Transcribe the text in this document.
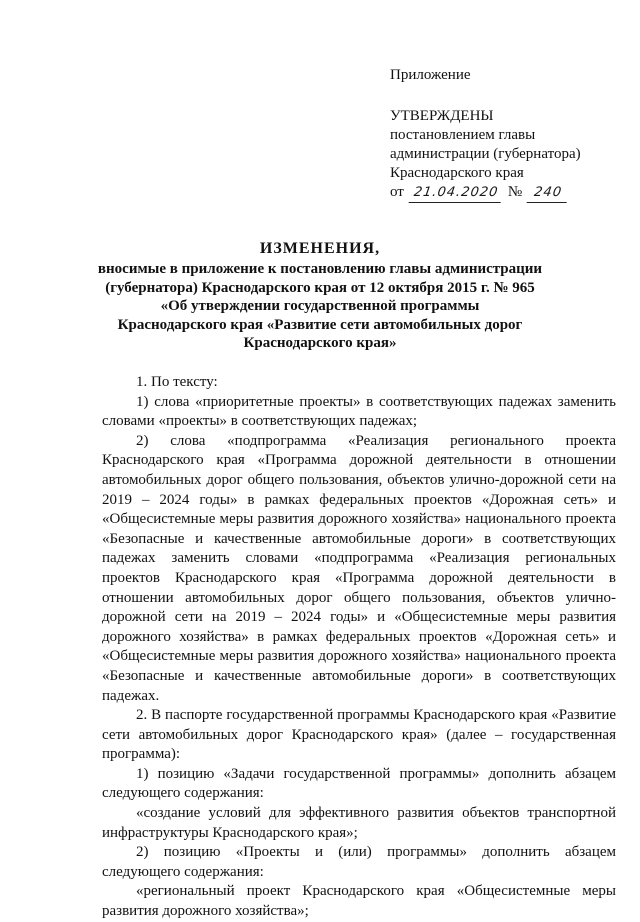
Приложение
УТВЕРЖДЕНЫ
постановлением главы
администрации (губернатора)
Краснодарского края
от 21.04.2020 № 240
ИЗМЕНЕНИЯ,
вносимые в приложение к постановлению главы администрации
(губернатора) Краснодарского края от 12 октября 2015 г. № 965
«Об утверждении государственной программы
Краснодарского края «Развитие сети автомобильных дорог
Краснодарского края»

1. По тексту:

1) слова «приоритетные проекты» в соответствующих падежах заменить словами «проекты» в соответствующих падежах;

2) слова «подпрограмма «Реализация регионального проекта Краснодарского края «Программа дорожной деятельности в отношении автомобильных дорог общего пользования, объектов улично-дорожной сети на 2019 – 2024 годы» в рамках федеральных проектов «Дорожная сеть» и «Общесистемные меры развития дорожного хозяйства» национального проекта «Безопасные и качественные автомобильные дороги» в соответствующих падежах заменить словами «подпрограмма «Реализация региональных проектов Краснодарского края «Программа дорожной деятельности в отношении автомобильных дорог общего пользования, объектов улично-дорожной сети на 2019 – 2024 годы» и «Общесистемные меры развития дорожного хозяйства» в рамках федеральных проектов «Дорожная сеть» и «Общесистемные меры развития дорожного хозяйства» национального проекта «Безопасные и качественные автомобильные дороги» в соответствующих падежах.

2. В паспорте государственной программы Краснодарского края «Развитие сети автомобильных дорог Краснодарского края» (далее – государственная программа):

1) позицию «Задачи государственной программы» дополнить абзацем следующего содержания:

«создание условий для эффективного развития объектов транспортной инфраструктуры Краснодарского края»;

2) позицию «Проекты и (или) программы» дополнить абзацем следующего содержания:

«региональный проект Краснодарского края «Общесистемные меры развития дорожного хозяйства»;
